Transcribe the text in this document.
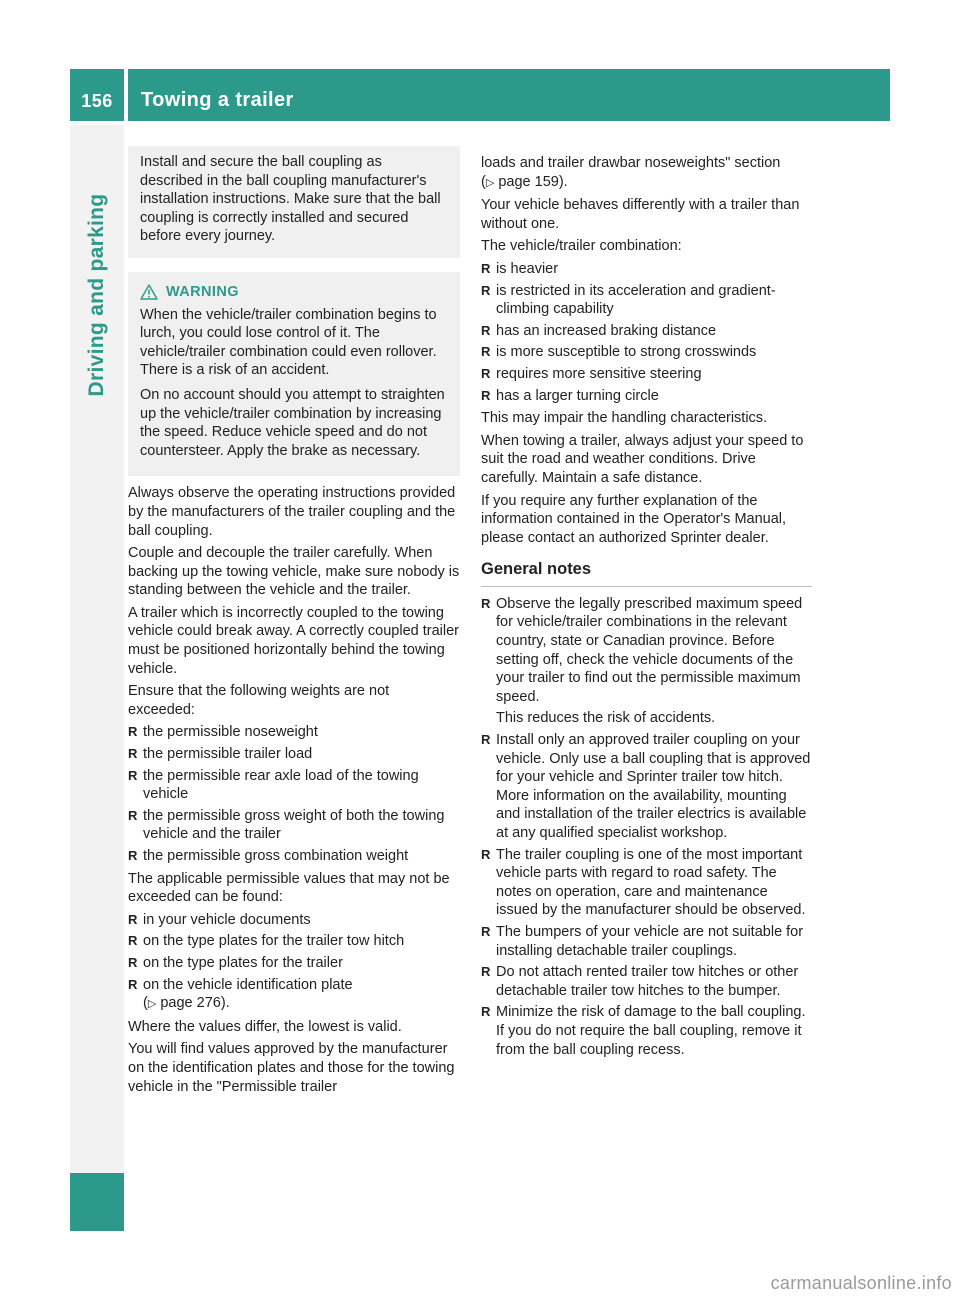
156	Towing a trailer
Driving and parking

Install and secure the ball coupling as described in the ball coupling manufacturer's installation instructions. Make sure that the ball coupling is correctly installed and secured before every journey.

WARNING

When the vehicle/trailer combination begins to lurch, you could lose control of it. The vehicle/trailer combination could even rollover. There is a risk of an accident.

On no account should you attempt to straighten up the vehicle/trailer combination by increasing the speed. Reduce vehicle speed and do not countersteer. Apply the brake as necessary.

Always observe the operating instructions provided by the manufacturers of the trailer coupling and the ball coupling.

Couple and decouple the trailer carefully. When backing up the towing vehicle, make sure nobody is standing between the vehicle and the trailer.

A trailer which is incorrectly coupled to the towing vehicle could break away. A correctly coupled trailer must be positioned horizontally behind the towing vehicle.

Ensure that the following weights are not exceeded:

R the permissible noseweight
R the permissible trailer load
R the permissible rear axle load of the towing vehicle
R the permissible gross weight of both the towing vehicle and the trailer
R the permissible gross combination weight

The applicable permissible values that may not be exceeded can be found:

R in your vehicle documents
R on the type plates for the trailer tow hitch
R on the type plates for the trailer
R on the vehicle identification plate
(▷ page 276).

Where the values differ, the lowest is valid.

You will find values approved by the manufacturer on the identification plates and those for the towing vehicle in the "Permissible trailer

loads and trailer drawbar noseweights" section
(▷ page 159).

Your vehicle behaves differently with a trailer than without one.

The vehicle/trailer combination:

R is heavier
R is restricted in its acceleration and gradient-climbing capability
R has an increased braking distance
R is more susceptible to strong crosswinds
R requires more sensitive steering
R has a larger turning circle

This may impair the handling characteristics.

When towing a trailer, always adjust your speed to suit the road and weather conditions. Drive carefully. Maintain a safe distance.

If you require any further explanation of the information contained in the Operator's Manual, please contact an authorized Sprinter dealer.

General notes

R Observe the legally prescribed maximum speed for vehicle/trailer combinations in the relevant country, state or Canadian province. Before setting off, check the vehicle documents of the your trailer to find out the permissible maximum speed.

This reduces the risk of accidents.

R Install only an approved trailer coupling on your vehicle. Only use a ball coupling that is approved for your vehicle and Sprinter trailer tow hitch. More information on the availability, mounting and installation of the trailer electrics is available at any qualified specialist workshop.
R The trailer coupling is one of the most important vehicle parts with regard to road safety. The notes on operation, care and maintenance issued by the manufacturer should be observed.
R The bumpers of your vehicle are not suitable for installing detachable trailer couplings.
R Do not attach rented trailer tow hitches or other detachable trailer tow hitches to the bumper.
R Minimize the risk of damage to the ball coupling. If you do not require the ball coupling, remove it from the ball coupling recess.
carmanualsonline.info
